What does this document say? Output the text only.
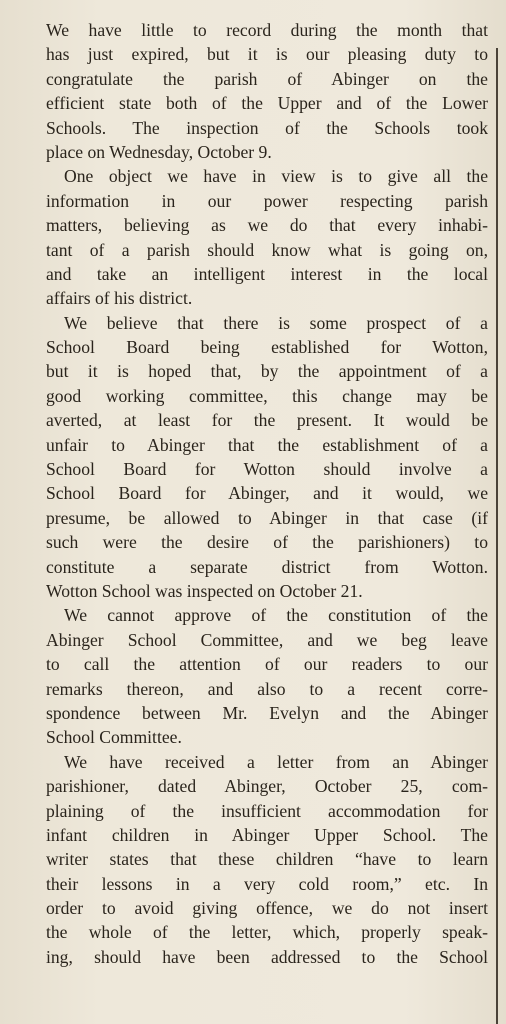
We have little to record during the month that
has just expired, but it is our pleasing duty to
congratulate the parish of Abinger on the
efficient state both of the Upper and of the Lower
Schools. The inspection of the Schools took
place on Wednesday, October 9.
One object we have in view is to give all the
information in our power respecting parish
matters, believing as we do that every inhabi-
tant of a parish should know what is going on,
and take an intelligent interest in the local
affairs of his district.
We believe that there is some prospect of a
School Board being established for Wotton,
but it is hoped that, by the appointment of a
good working committee, this change may be
averted, at least for the present. It would be
unfair to Abinger that the establishment of a
School Board for Wotton should involve a
School Board for Abinger, and it would, we
presume, be allowed to Abinger in that case (if
such were the desire of the parishioners) to
constitute a separate district from Wotton.
Wotton School was inspected on October 21.
We cannot approve of the constitution of the
Abinger School Committee, and we beg leave
to call the attention of our readers to our
remarks thereon, and also to a recent corre-
spondence between Mr. Evelyn and the Abinger
School Committee.
We have received a letter from an Abinger
parishioner, dated Abinger, October 25, com-
plaining of the insufficient accommodation for
infant children in Abinger Upper School. The
writer states that these children “have to learn
their lessons in a very cold room,” etc. In
order to avoid giving offence, we do not insert
the whole of the letter, which, properly speak-
ing, should have been addressed to the School
